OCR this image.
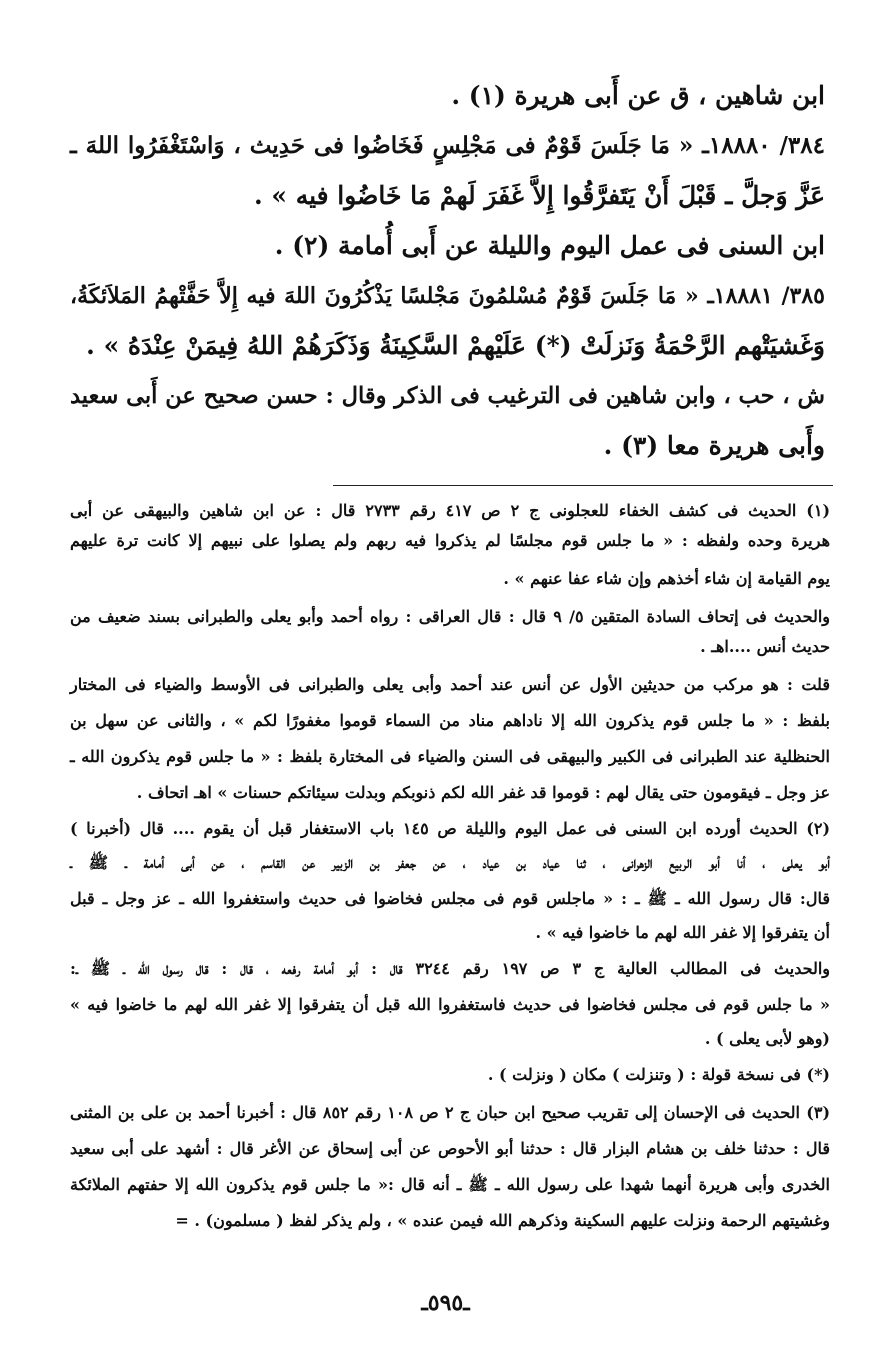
ابن شاهين ، ق عن أَبى هريرة (١) .
٣٨٤/ ١٨٨٨٠ـ « مَا جَلَسَ قَوْمٌ فى مَجْلِسٍ فَخَاضُوا فى حَدِيث ، وَاسْتَغْفَرُوا اللهَ ـ
عَزَّ وَجلَّ ـ قَبْلَ أَنْ يَتَفرَّقُوا إِلاَّ غَفَرَ لَهمْ مَا خَاضُوا فيه » .
ابن السنى فى عمل اليوم والليلة عن أَبى أُمامة (٢) .
٣٨٥/ ١٨٨٨١ـ « مَا جَلَسَ قَوْمٌ مُسْلمُونَ مَجْلسًا يَذْكُرُونَ اللهَ فيه إِلاَّ حَفَّتْهمُ المَلاَئكَةُ،
وَغَشيَتْهم الرَّحْمَةُ وَنَزلَتْ (*) عَلَيْهمْ السَّكِينَةُ وَذَكَرَهُمْ اللهُ فِيمَنْ عِنْدَهُ » .
ش ، حب ، وابن شاهين فى الترغيب فى الذكر وقال : حسن صحيح عن أَبى سعيد
وأَبى هريرة معا (٣) .
(١) الحديث فى كشف الخفاء للعجلونى ج ٢ ص ٤١٧ رقم ٢٧٣٣ قال : عن ابن شاهين والبيهقى عن أبى
هريرة وحده ولفظه : « ما جلس قوم مجلسًا لم يذكروا فيه ربهم ولم يصلوا على نبيهم إلا كانت ترة عليهم
يوم القيامة إن شاء أخذهم وإن شاء عفا عنهم » .
والحديث فى إتحاف السادة المتقين ٥/ ٩ قال : قال العراقى : رواه أحمد وأبو يعلى والطبرانى بسند ضعيف من
حديث أنس ....اهـ .
قلت : هو مركب من حديثين الأول عن أنس عند أحمد وأبى يعلى والطبرانى فى الأوسط والضياء فى المختار
بلفظ : « ما جلس قوم يذكرون الله إلا ناداهم مناد من السماء قوموا مغفورًا لكم » ، والثانى عن سهل بن
الحنظلية عند الطبرانى فى الكبير والبيهقى فى السنن والضياء فى المختارة بلفظ : « ما جلس قوم يذكرون الله ـ
عز وجل ـ فيقومون حتى يقال لهم : قوموا قد غفر الله لكم ذنوبكم وبدلت سيئاتكم حسنات » اهـ اتحاف .
(٢) الحديث أورده ابن السنى فى عمل اليوم والليلة ص ١٤٥ باب الاستغفار قبل أن يقوم .... قال (أخبرنا )
أبو يعلى ، أنا أبو الربيع الزهرانى ، ثنا عياد بن عياد ، عن جعفر بن الزبير عن القاسم ، عن أبى أمامة ـ ﷺ ـ
قال: قال رسول الله ـ ﷺ ـ : « ماجلس قوم فى مجلس فخاضوا فى حديث واستغفروا الله ـ عز وجل ـ قبل
أن يتفرقوا إلا غفر الله لهم ما خاضوا فيه » .
والحديث فى المطالب العالية ج ٣ ص ١٩٧ رقم ٣٢٤٤ قال : أبو أمامة رفعه ، قال : قال رسول الله ـ ﷺ ـ:
« ما جلس قوم فى مجلس فخاضوا فى حديث فاستغفروا الله قبل أن يتفرقوا إلا غفر الله لهم ما خاضوا فيه »
(وهو لأبى يعلى ) .
(*) فى نسخة قولة : ( وتنزلت ) مكان ( ونزلت ) .
(٣) الحديث فى الإحسان إلى تقريب صحيح ابن حبان ج ٢ ص ١٠٨ رقم ٨٥٢ قال : أخبرنا أحمد بن على بن المثنى
قال : حدثنا خلف بن هشام البزار قال : حدثنا أبو الأحوص عن أبى إسحاق عن الأغر قال : أشهد على أبى سعيد
الخدرى وأبى هريرة أنهما شهدا على رسول الله ـ ﷺ ـ أنه قال :« ما جلس قوم يذكرون الله إلا حفتهم الملائكة
وغشيتهم الرحمة ونزلت عليهم السكينة وذكرهم الله فيمن عنده » ، ولم يذكر لفظ ( مسلمون) . =
ـ٥٩٥ـ
